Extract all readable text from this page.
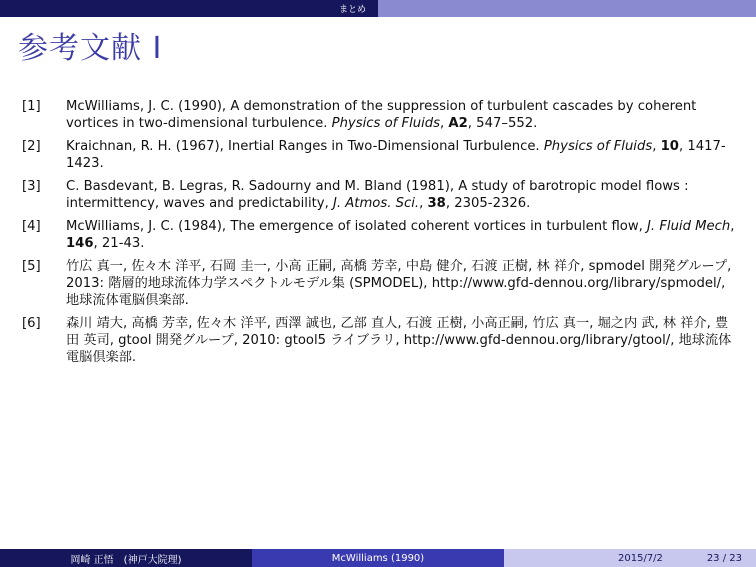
まとめ
参考文献 I
[1]	McWilliams, J. C. (1990), A demonstration of the suppression of turbulent cascades by coherent vortices in two-dimensional turbulence. Physics of Fluids, A2, 547–552.
[2]	Kraichnan, R. H. (1967), Inertial Ranges in Two-Dimensional Turbulence. Physics of Fluids, 10, 1417-1423.
[3]	C. Basdevant, B. Legras, R. Sadourny and M. Bland (1981), A study of barotropic model flows : intermittency, waves and predictability, J. Atmos. Sci., 38, 2305-2326.
[4]	McWilliams, J. C. (1984), The emergence of isolated coherent vortices in turbulent flow, J. Fluid Mech, 146, 21-43.
[5]	竹広 真一, 佐々木 洋平, 石岡 圭一, 小高 正嗣, 高橋 芳幸, 中島 健介, 石渡 正樹, 林 祥介, spmodel 開発グループ, 2013: 階層的地球流体力学スペクトルモデル集 (SPMODEL), http://www.gfd-dennou.org/library/spmodel/, 地球流体電脳倶楽部.
[6]	森川 靖大, 高橋 芳幸, 佐々木 洋平, 西澤 誠也, 乙部 直人, 石渡 正樹, 小高正嗣, 竹広 真一, 堀之内 武, 林 祥介, 豊田 英司, gtool 開発グループ, 2010: gtool5 ライブラリ, http://www.gfd-dennou.org/library/gtool/, 地球流体電脳倶楽部.
岡崎 正悟　(神戸大院理)	McWilliams (1990)	2015/7/2	23 / 23
